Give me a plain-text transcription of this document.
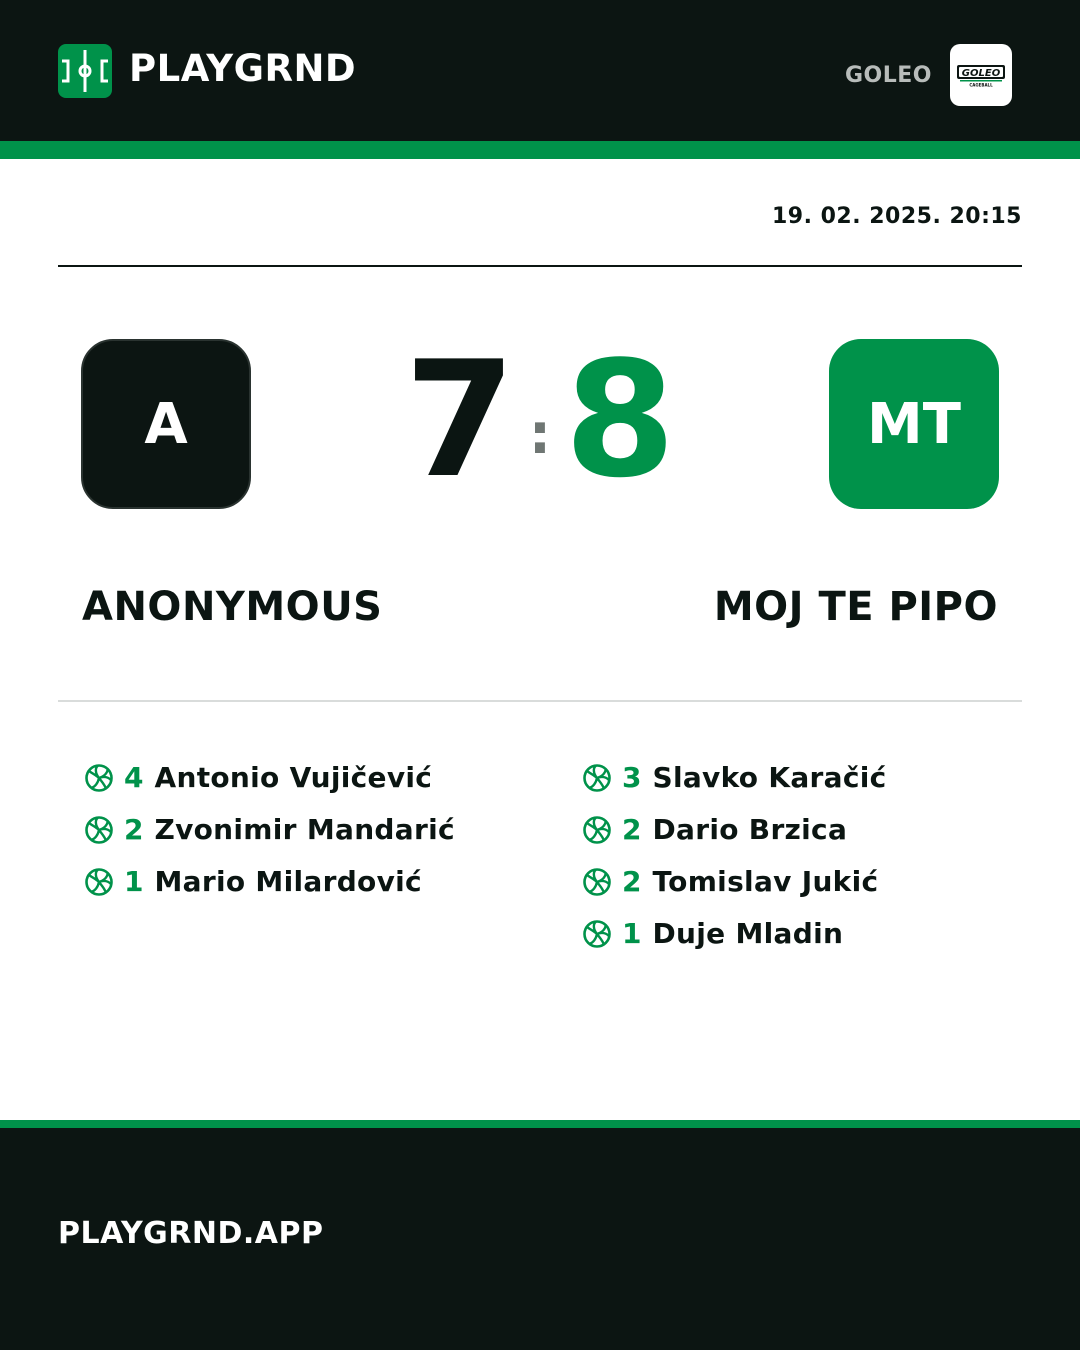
PLAYGRND	GOLEO	GOLEO
CAGEBALL
19. 02. 2025. 20:15
A	7 : 8	MT
ANONYMOUS	MOJ TE PIPO
4 Antonio Vujičević
2 Zvonimir Mandarić
1 Mario Milardović
3 Slavko Karačić
2 Dario Brzica
2 Tomislav Jukić
1 Duje Mladin
PLAYGRND.APP
